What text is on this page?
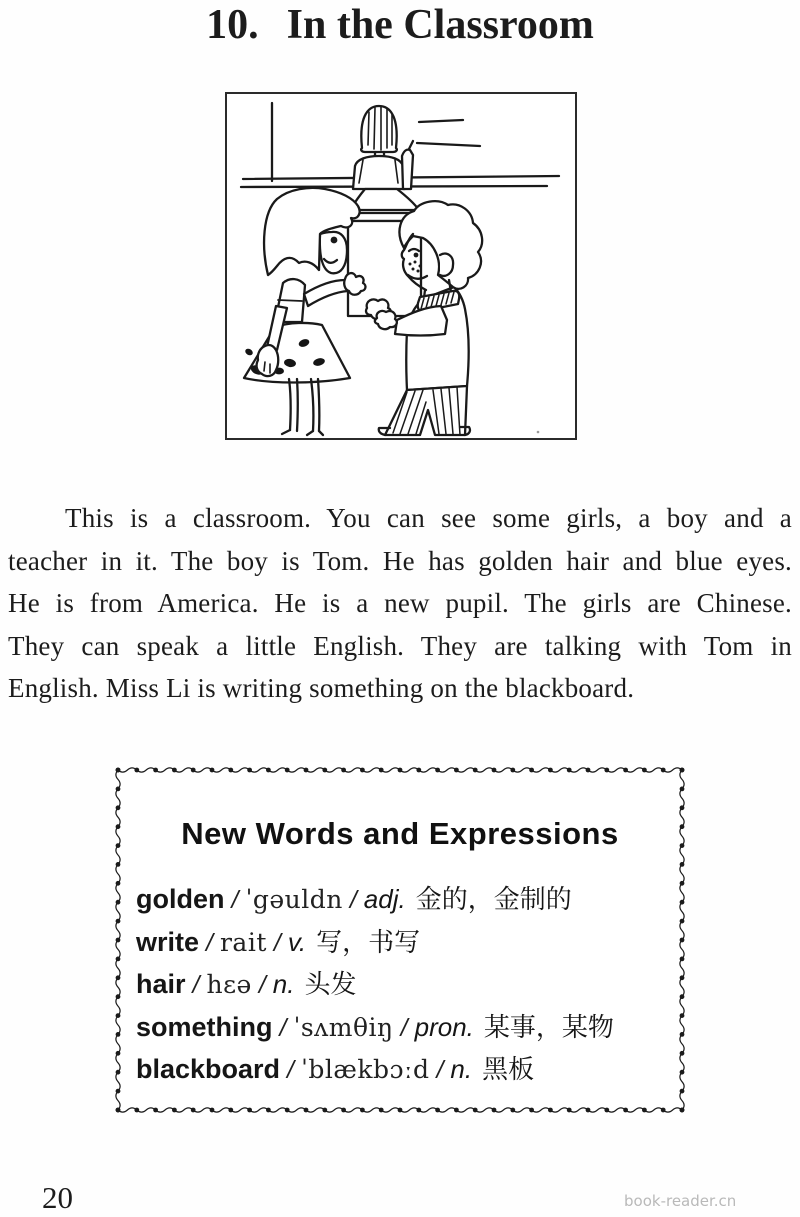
10. In the Classroom
This is a classroom. You can see some girls, a boy and a
teacher in it. The boy is Tom. He has golden hair and blue eyes.
He is from America. He is a new pupil. The girls are Chinese.
They can speak a little English. They are talking with Tom in
English. Miss Li is writing something on the blackboard.
New Words and Expressions
golden / ˈgəuldn / adj. 金的，金制的
write / rait / v. 写，书写
hair / hɛə / n. 头发
something / ˈsʌmθiŋ / pron. 某事，某物
blackboard / ˈblækbɔːd / n. 黑板
20	book-reader.cn
